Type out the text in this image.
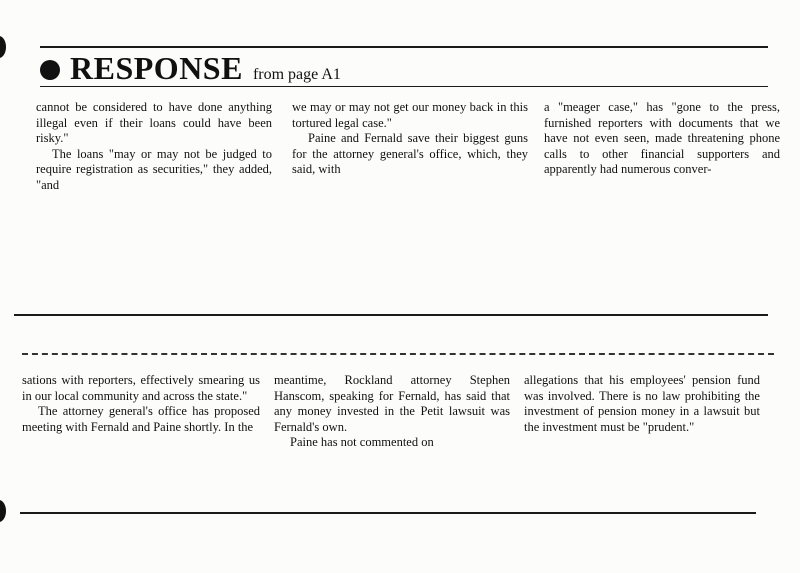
RESPONSE from page A1

cannot be considered to have done anything illegal even if their loans could have been risky."

The loans "may or may not be judged to require registration as securities," they added, "and

we may or may not get our money back in this tortured legal case."

Paine and Fernald save their biggest guns for the attorney general's office, which, they said, with

a "meager case," has "gone to the press, furnished reporters with documents that we have not even seen, made threatening phone calls to other financial supporters and apparently had numerous conver-

sations with reporters, effectively smearing us in our local community and across the state."

The attorney general's office has proposed meeting with Fernald and Paine shortly. In the

meantime, Rockland attorney Stephen Hanscom, speaking for Fernald, has said that any money invested in the Petit lawsuit was Fernald's own.

Paine has not commented on

allegations that his employees' pension fund was involved. There is no law prohibiting the investment of pension money in a lawsuit but the investment must be "prudent."
